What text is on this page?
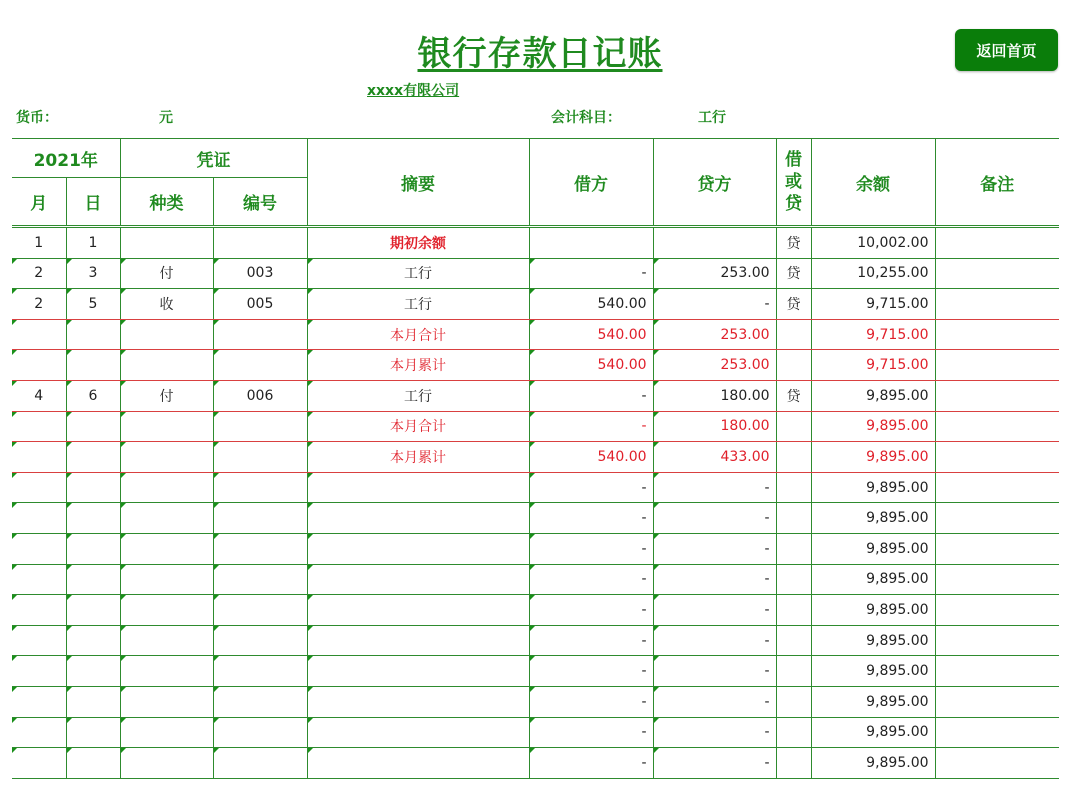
银行存款日记账	返回首页
xxxx有限公司
货币：	元	会计科目：	工行
2021年		凭证		摘要	借方	贷方	借或贷	余额	备注
月	日	种类	编号						
1	1			期初余额			贷	10,002.00	
2	3	付	003	工行	-	253.00	贷	10,255.00	
2	5	收	005	工行	540.00	-	贷	9,715.00	
				本月合计	540.00	253.00		9,715.00	
				本月累计	540.00	253.00		9,715.00	
4	6	付	006	工行	-	180.00	贷	9,895.00	
				本月合计	-	180.00		9,895.00	
				本月累计	540.00	433.00		9,895.00	
					-	-		9,895.00	
					-	-		9,895.00	
					-	-		9,895.00	
					-	-		9,895.00	
					-	-		9,895.00	
					-	-		9,895.00	
					-	-		9,895.00	
					-	-		9,895.00	
					-	-		9,895.00	
					-	-		9,895.00	
